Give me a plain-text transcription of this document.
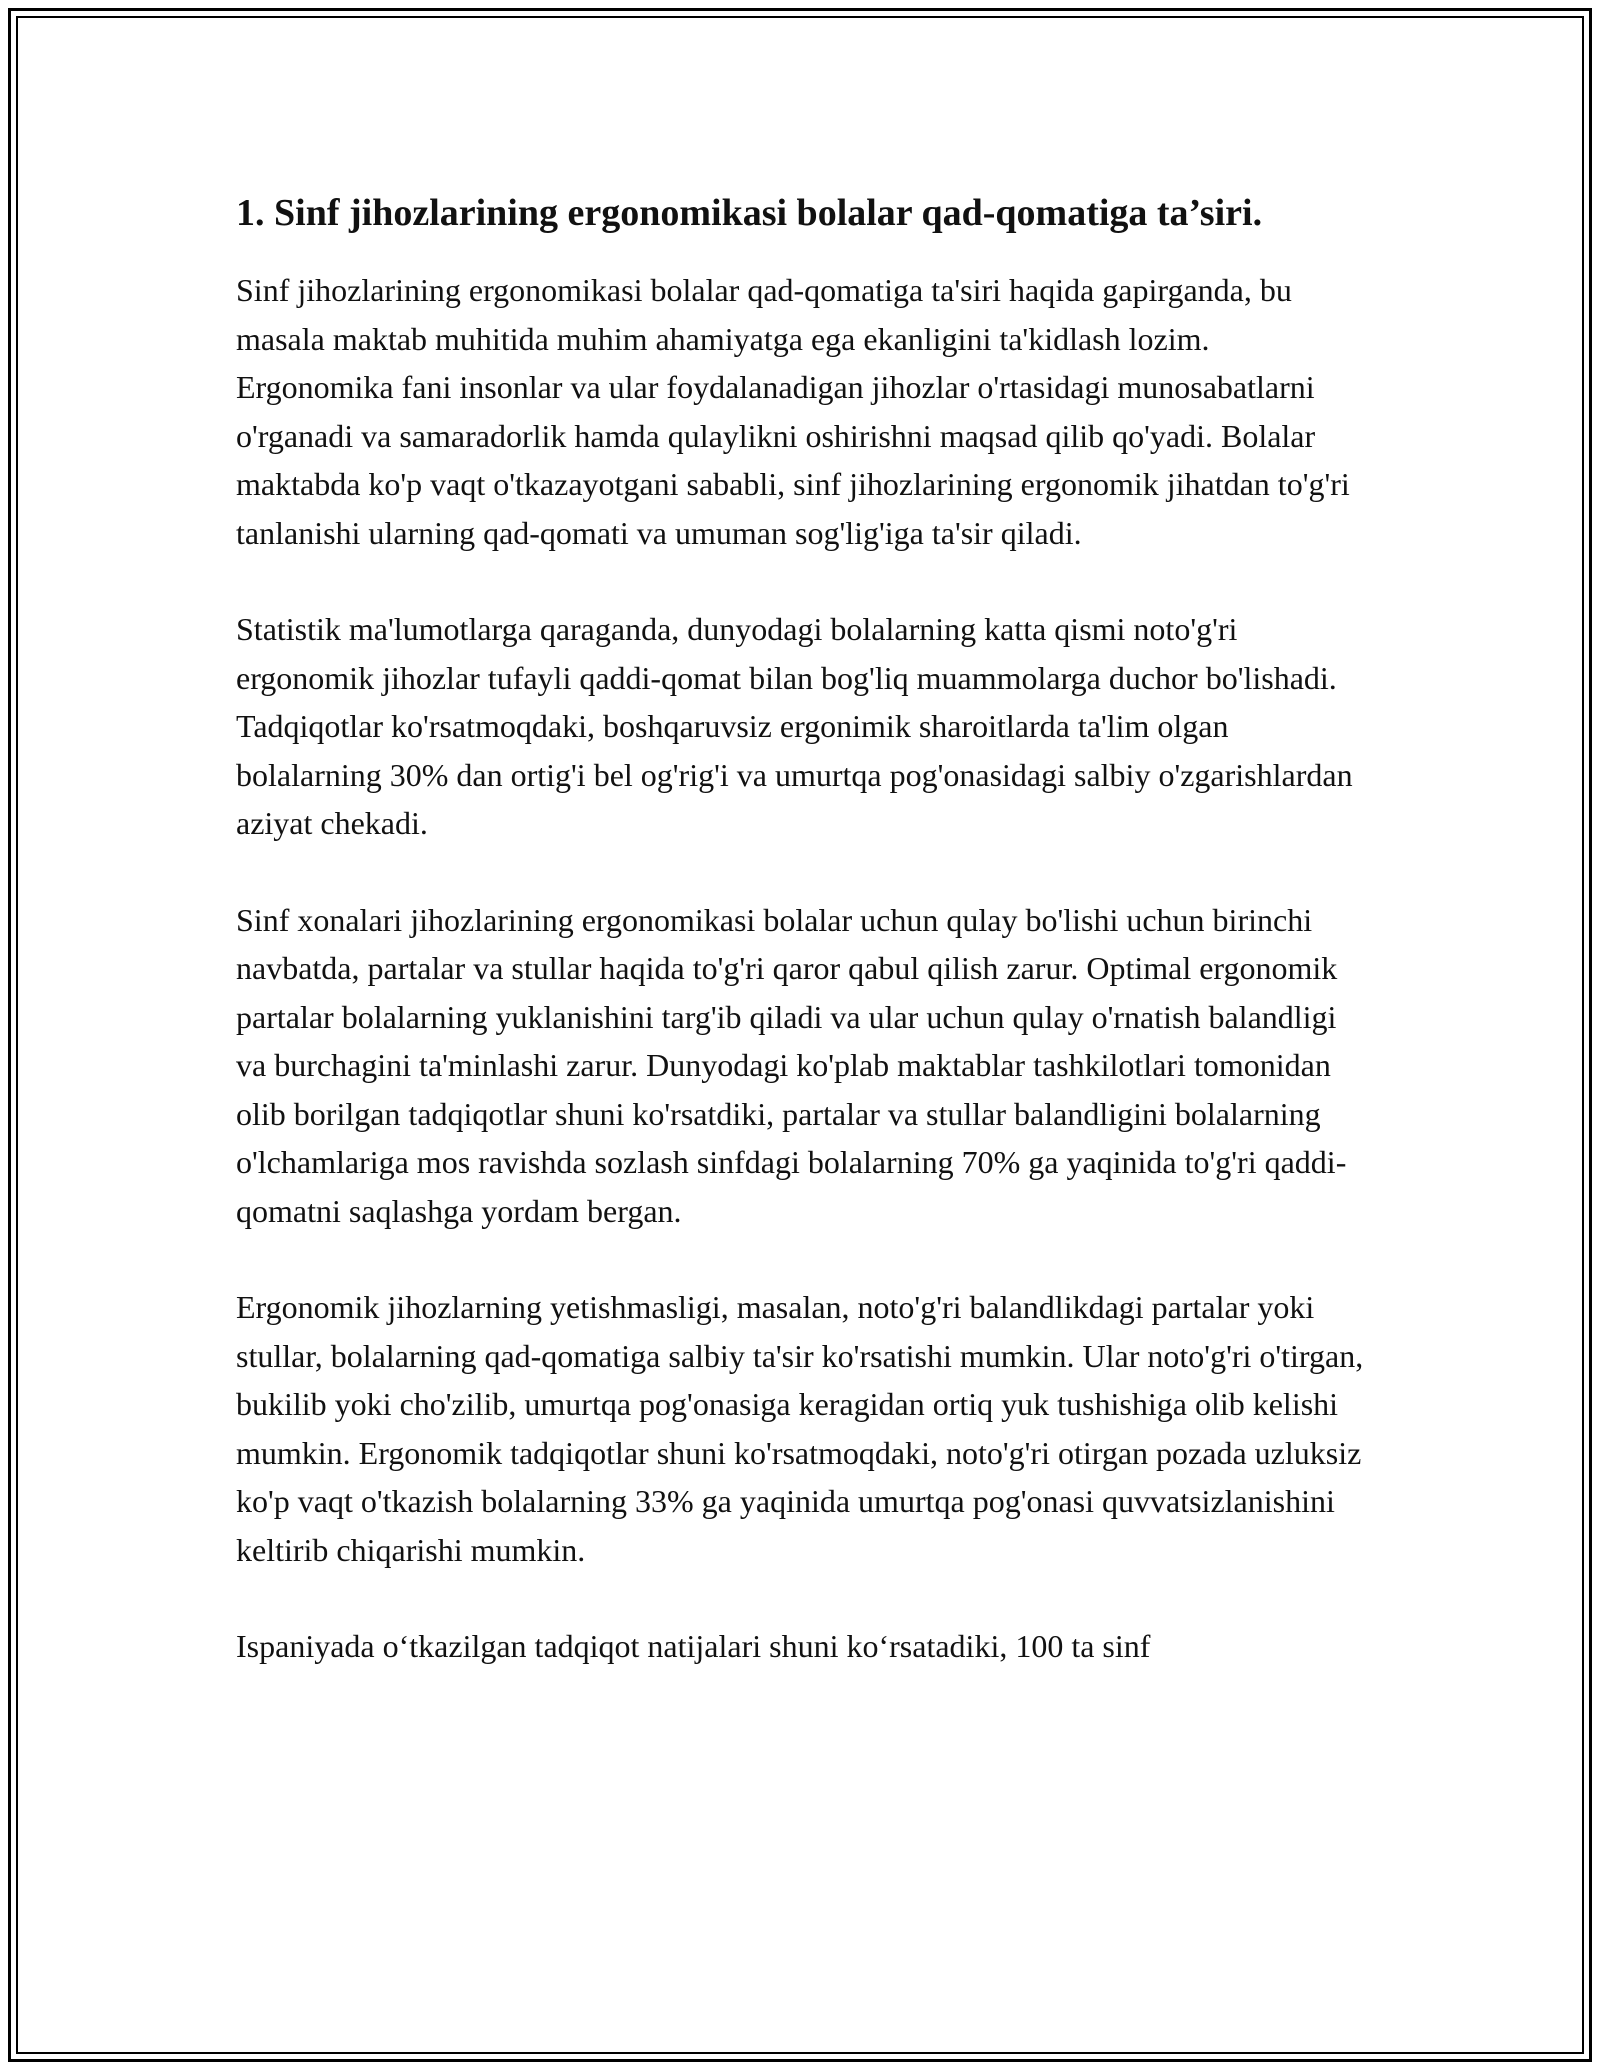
1. Sinf jihozlarining ergonomikasi bolalar qad-qomatiga ta’siri.

Sinf jihozlarining ergonomikasi bolalar qad-qomatiga ta'siri haqida gapirganda, bu masala maktab muhitida muhim ahamiyatga ega ekanligini ta'kidlash lozim. Ergonomika fani insonlar va ular foydalanadigan jihozlar o'rtasidagi munosabatlarni o'rganadi va samaradorlik hamda qulaylikni oshirishni maqsad qilib qo'yadi. Bolalar maktabda ko'p vaqt o'tkazayotgani sababli, sinf jihozlarining ergonomik jihatdan to'g'ri tanlanishi ularning qad-qomati va umuman sog'lig'iga ta'sir qiladi.

Statistik ma'lumotlarga qaraganda, dunyodagi bolalarning katta qismi noto'g'ri ergonomik jihozlar tufayli qaddi-qomat bilan bog'liq muammolarga duchor bo'lishadi. Tadqiqotlar ko'rsatmoqdaki, boshqaruvsiz ergonimik sharoitlarda ta'lim olgan bolalarning 30% dan ortig'i bel og'rig'i va umurtqa pog'onasidagi salbiy o'zgarishlardan aziyat chekadi.

Sinf xonalari jihozlarining ergonomikasi bolalar uchun qulay bo'lishi uchun birinchi navbatda, partalar va stullar haqida to'g'ri qaror qabul qilish zarur. Optimal ergonomik partalar bolalarning yuklanishini targ'ib qiladi va ular uchun qulay o'rnatish balandligi va burchagini ta'minlashi zarur. Dunyodagi ko'plab maktablar tashkilotlari tomonidan olib borilgan tadqiqotlar shuni ko'rsatdiki, partalar va stullar balandligini bolalarning o'lchamlariga mos ravishda sozlash sinfdagi bolalarning 70% ga yaqinida to'g'ri qaddi-qomatni saqlashga yordam bergan.

Ergonomik jihozlarning yetishmasligi, masalan, noto'g'ri balandlikdagi partalar yoki stullar, bolalarning qad-qomatiga salbiy ta'sir ko'rsatishi mumkin. Ular noto'g'ri o'tirgan, bukilib yoki cho'zilib, umurtqa pog'onasiga keragidan ortiq yuk tushishiga olib kelishi mumkin. Ergonomik tadqiqotlar shuni ko'rsatmoqdaki, noto'g'ri otirgan pozada uzluksiz ko'p vaqt o'tkazish bolalarning 33% ga yaqinida umurtqa pog'onasi quvvatsizlanishini keltirib chiqarishi mumkin.

Ispaniyada o‘tkazilgan tadqiqot natijalari shuni ko‘rsatadiki, 100 ta sinf
